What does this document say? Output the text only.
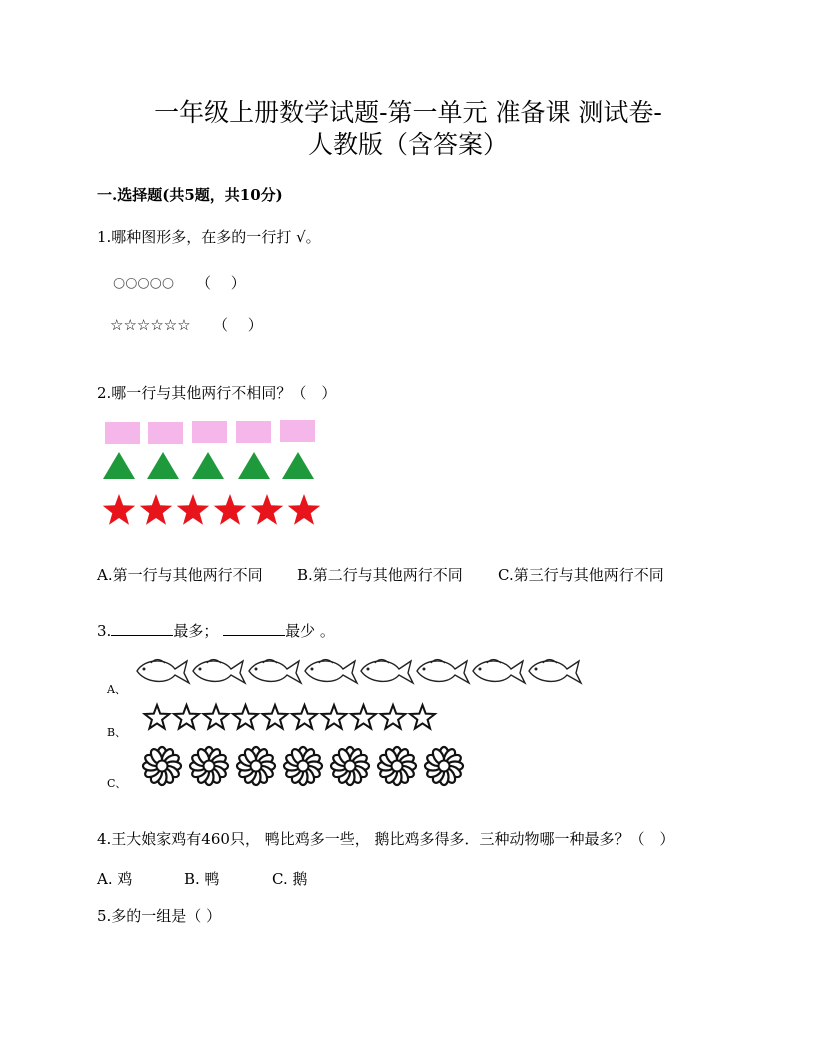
一年级上册数学试题-第一单元 准备课 测试卷-
人教版（含答案）
一.选择题(共5题，共10分)
1.哪种图形多，在多的一行打 √。
○○○○○ （　 ）
☆☆☆☆☆☆ （　 ）
2.哪一行与其他两行不相同？（　）
A.第一行与其他两行不同 B.第二行与其他两行不同 C.第三行与其他两行不同
3.	最多；	最少 。
A、
B、
C、
4.王大娘家鸡有460只， 鸭比鸡多一些， 鹅比鸡多得多．三种动物哪一种最多？（　）
A. 鸡	B. 鸭	C. 鹅
5.多的一组是（ ）
